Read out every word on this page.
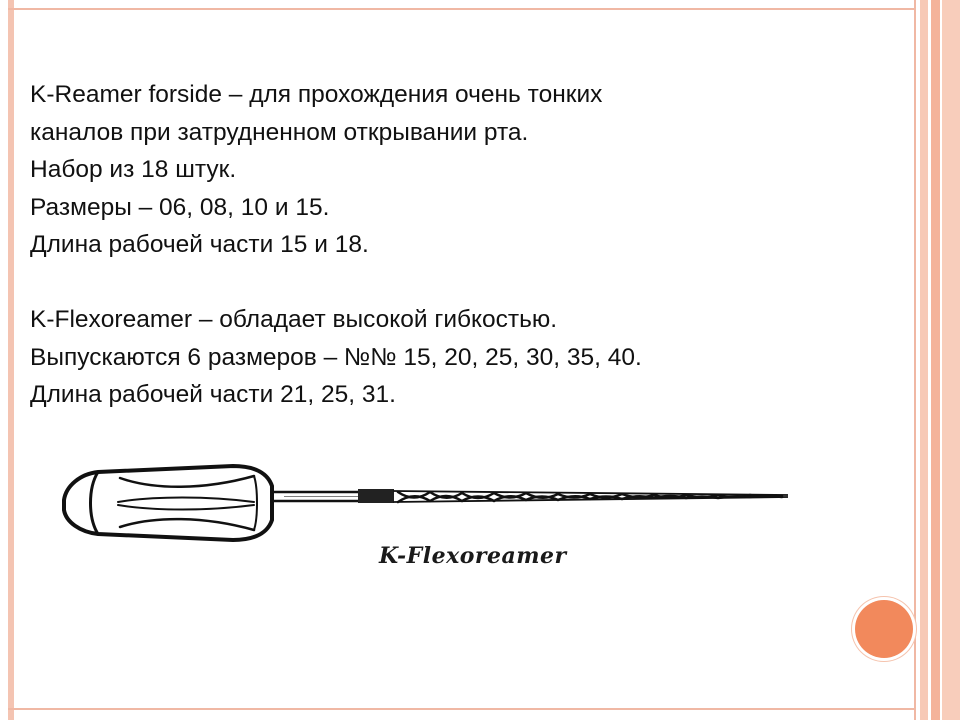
K-Reamer forside – для прохождения очень тонких

каналов при затрудненном открывании рта.

Набор из 18 штук.

Размеры – 06, 08, 10 и 15.

Длина рабочей части 15 и 18.

K-Flexoreamer – обладает высокой гибкостью.

Выпускаются 6 размеров – №№ 15, 20, 25, 30, 35, 40.

Длина рабочей части 21, 25, 31.

K-Flexoreamer
